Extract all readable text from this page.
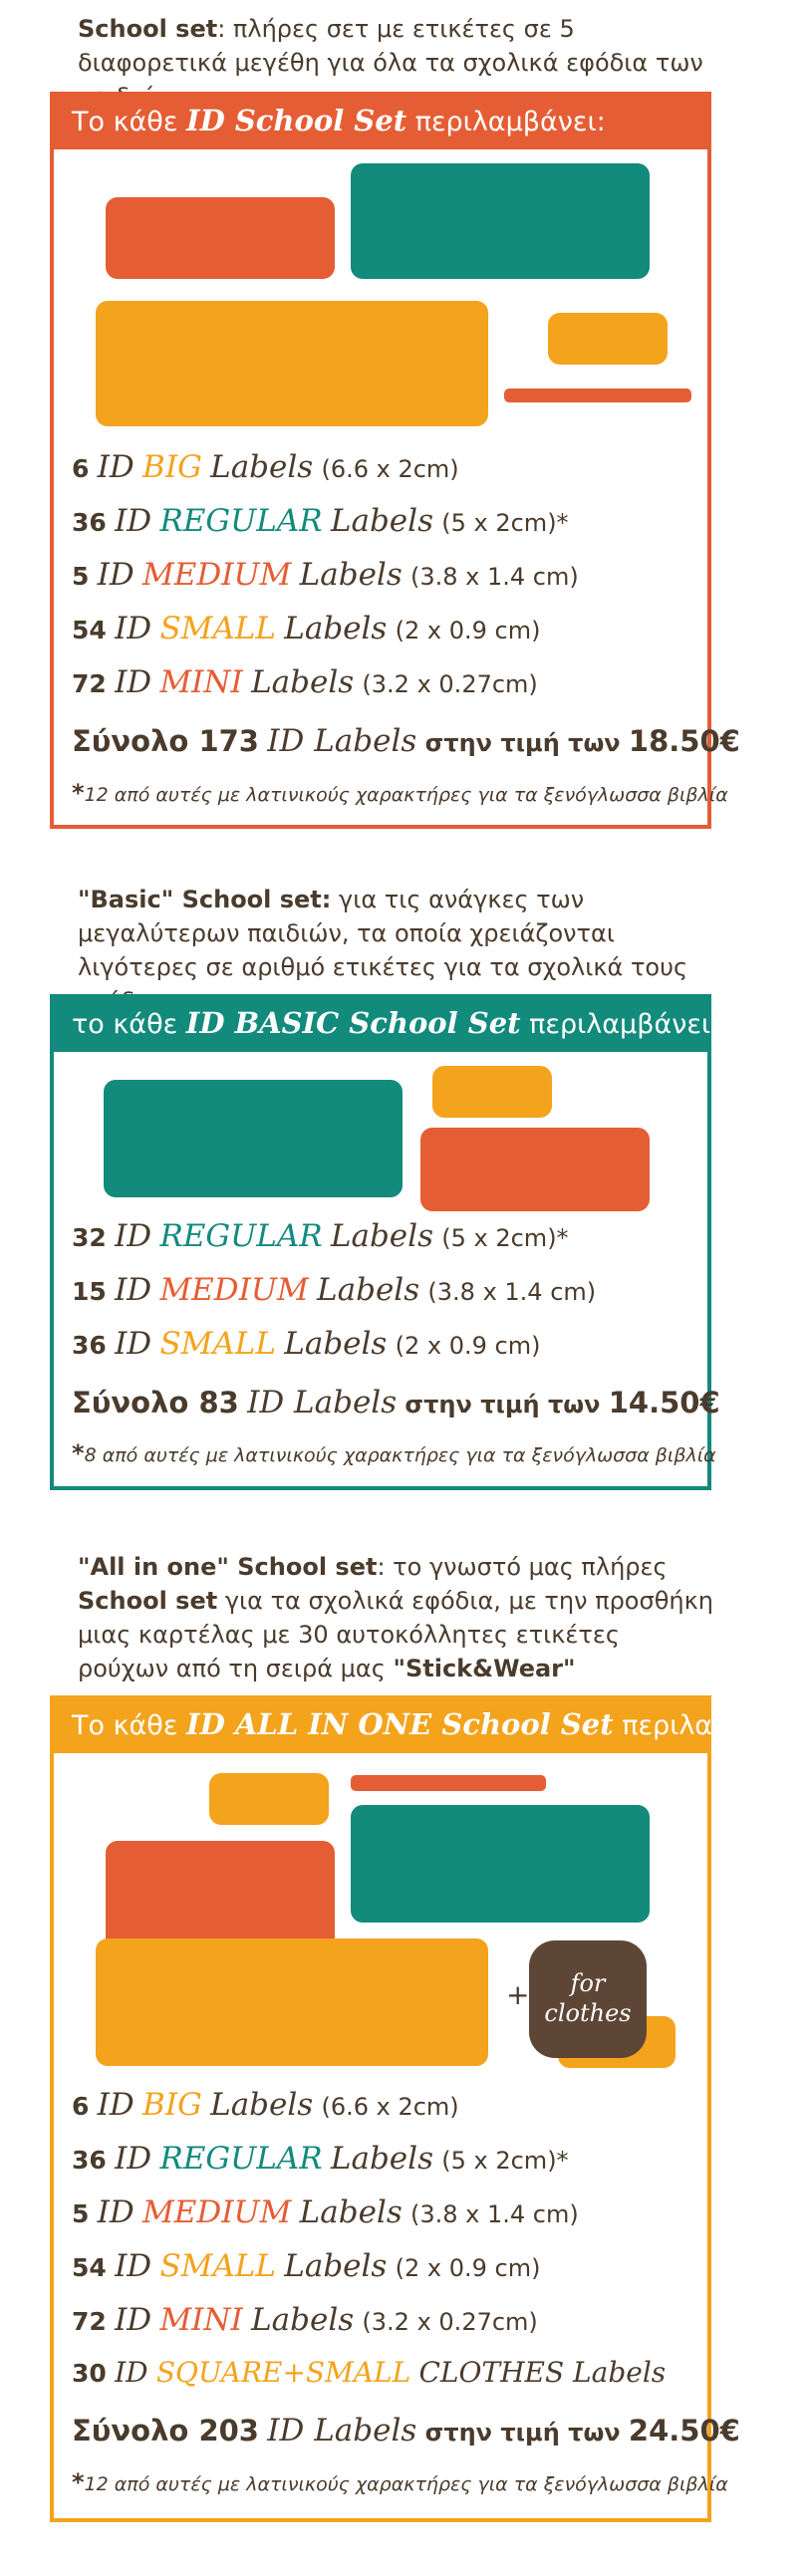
School set: πλήρες σετ με ετικέτες σε 5 διαφορετικά μεγέθη για όλα τα σχολικά εφόδια των
Το κάθε ID School Set περιλαμβάνει:
6 ID BIG Labels (6.6 x 2cm)
36 ID REGULAR Labels (5 x 2cm)*
5 ID MEDIUM Labels (3.8 x 1.4 cm)
54 ID SMALL Labels (2 x 0.9 cm)
72 ID MINI Labels (3.2 x 0.27cm)
Σύνολο 173 ID Labels στην τιμή των 18.50€
*12 από αυτές με λατινικούς χαρακτήρες για τα ξενόγλωσσα βιβλία
"Basic" School set: για τις ανάγκες των μεγαλύτερων παιδιών, τα οποία χρειάζονται λιγότερες σε αριθμό ετικέτες για τα σχολικά τους
το κάθε ID BASIC School Set περιλαμβάνει:
32 ID REGULAR Labels (5 x 2cm)*
15 ID MEDIUM Labels (3.8 x 1.4 cm)
36 ID SMALL Labels (2 x 0.9 cm)
Σύνολο 83 ID Labels στην τιμή των 14.50€
*8 από αυτές με λατινικούς χαρακτήρες για τα ξενόγλωσσα βιβλία
"All in one" School set: το γνωστό μας πλήρες School set για τα σχολικά εφόδια, με την προσθήκη μιας καρτέλας με 30 αυτοκόλλητες ετικέτες ρούχων από τη σειρά μας "Stick&Wear"
Το κάθε ID ALL IN ONE School Set περιλαμβάνει:
+	for
clothes
6 ID BIG Labels (6.6 x 2cm)
36 ID REGULAR Labels (5 x 2cm)*
5 ID MEDIUM Labels (3.8 x 1.4 cm)
54 ID SMALL Labels (2 x 0.9 cm)
72 ID MINI Labels (3.2 x 0.27cm)
30 ID SQUARE+SMALL CLOTHES Labels
Σύνολο 203 ID Labels στην τιμή των 24.50€
*12 από αυτές με λατινικούς χαρακτήρες για τα ξενόγλωσσα βιβλία
